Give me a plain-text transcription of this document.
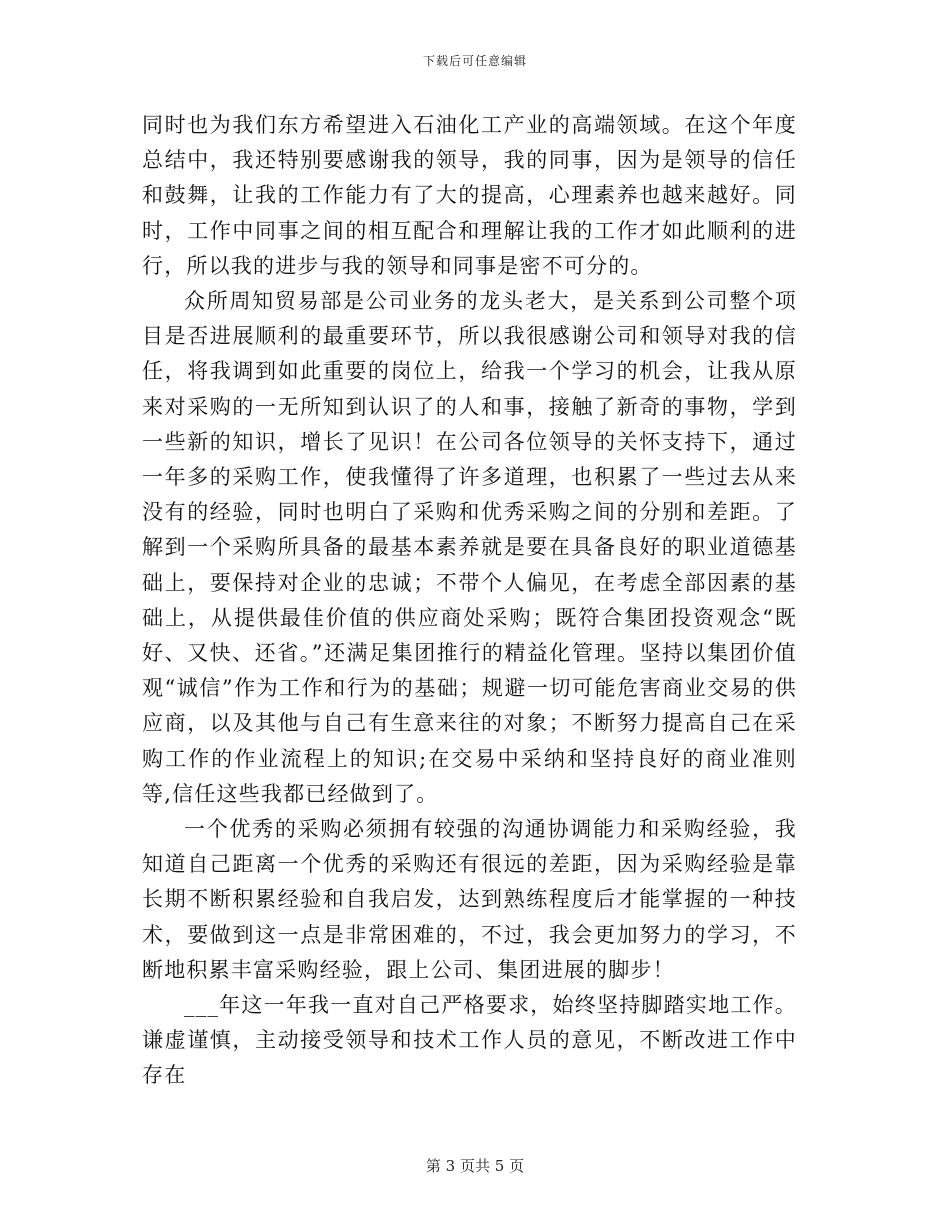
下载后可任意编辑

同时也为我们东方希望进入石油化工产业的高端领域。在这个年度总结中，我还特别要感谢我的领导，我的同事，因为是领导的信任和鼓舞，让我的工作能力有了大的提高，心理素养也越来越好。同时，工作中同事之间的相互配合和理解让我的工作才如此顺利的进行，所以我的进步与我的领导和同事是密不可分的。

众所周知贸易部是公司业务的龙头老大，是关系到公司整个项目是否进展顺利的最重要环节，所以我很感谢公司和领导对我的信任，将我调到如此重要的岗位上，给我一个学习的机会，让我从原来对采购的一无所知到认识了的人和事，接触了新奇的事物，学到一些新的知识，增长了见识！在公司各位领导的关怀支持下，通过一年多的采购工作，使我懂得了许多道理，也积累了一些过去从来没有的经验，同时也明白了采购和优秀采购之间的分别和差距。了解到一个采购所具备的最基本素养就是要在具备良好的职业道德基础上，要保持对企业的忠诚；不带个人偏见，在考虑全部因素的基础上，从提供最佳价值的供应商处采购；既符合集团投资观念“既好、又快、还省。”还满足集团推行的精益化管理。坚持以集团价值观“诚信”作为工作和行为的基础；规避一切可能危害商业交易的供应商，以及其他与自己有生意来往的对象；不断努力提高自己在采购工作的作业流程上的知识;在交易中采纳和坚持良好的商业准则等,信任这些我都已经做到了。

一个优秀的采购必须拥有较强的沟通协调能力和采购经验，我知道自己距离一个优秀的采购还有很远的差距，因为采购经验是靠长期不断积累经验和自我启发，达到熟练程度后才能掌握的一种技术，要做到这一点是非常困难的，不过，我会更加努力的学习，不断地积累丰富采购经验，跟上公司、集团进展的脚步！

___年这一年我一直对自己严格要求，始终坚持脚踏实地工作。谦虚谨慎，主动接受领导和技术工作人员的意见，不断改进工作中存在

第 3 页共 5 页
